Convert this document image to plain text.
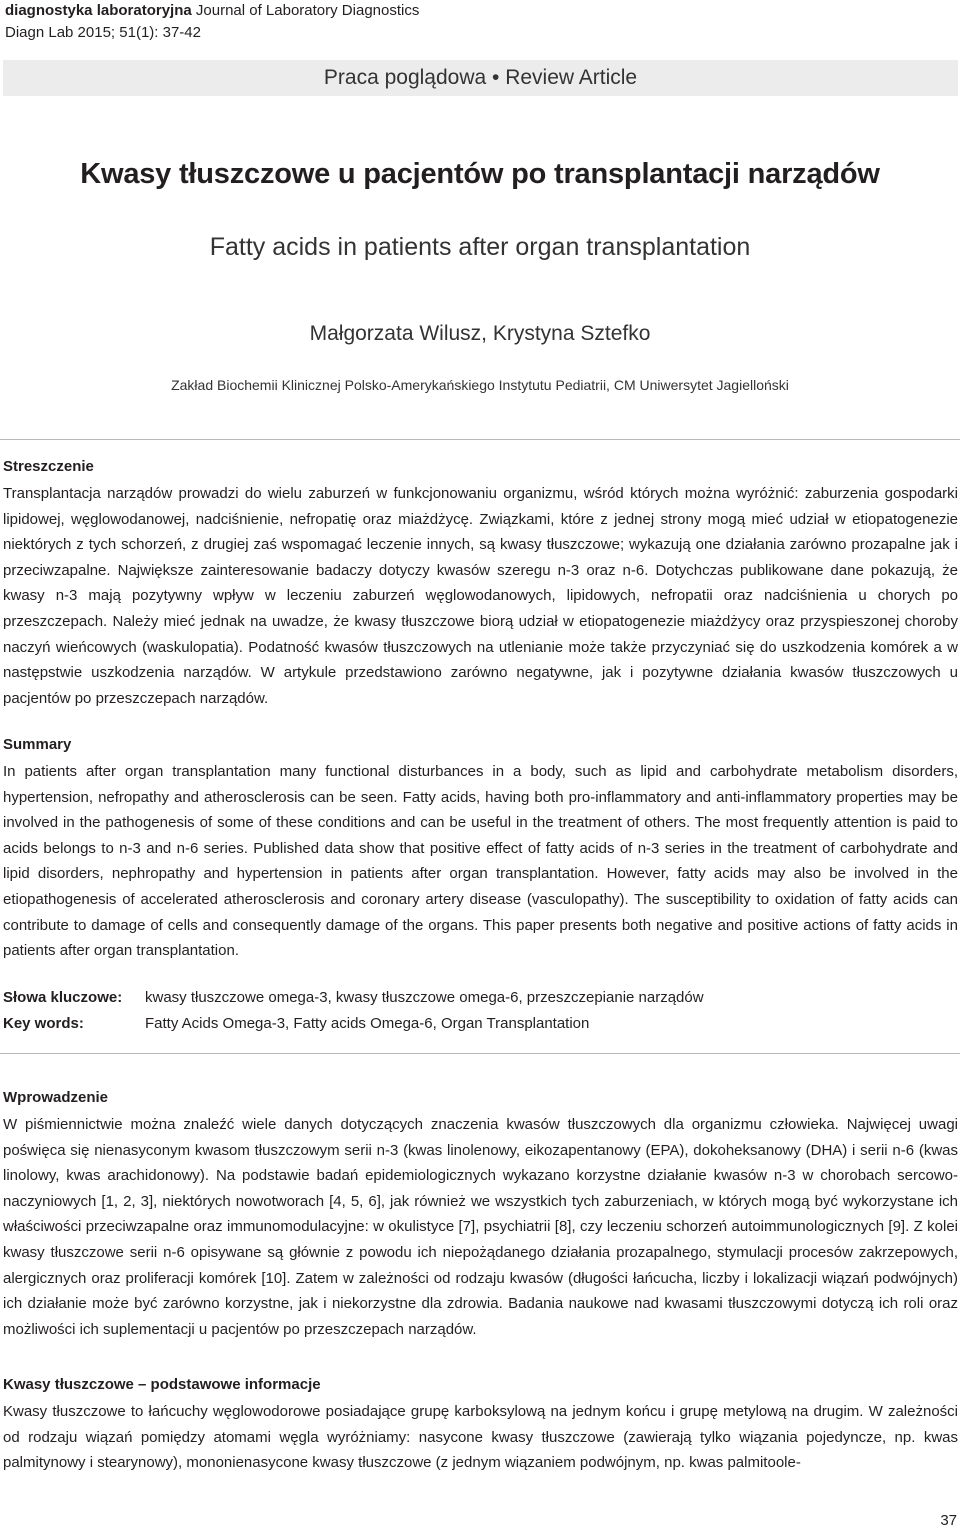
diagnostyka laboratoryjna Journal of Laboratory Diagnostics
Diagn Lab 2015; 51(1): 37-42
Praca poglądowa • Review Article
Kwasy tłuszczowe u pacjentów po transplantacji narządów
Fatty acids in patients after organ transplantation
Małgorzata Wilusz, Krystyna Sztefko
Zakład Biochemii Klinicznej Polsko-Amerykańskiego Instytutu Pediatrii, CM Uniwersytet Jagielloński
Streszczenie

Transplantacja narządów prowadzi do wielu zaburzeń w funkcjonowaniu organizmu, wśród których można wyróżnić: zaburzenia gospodarki lipidowej, węglowodanowej, nadciśnienie, nefropatię oraz miażdżycę. Związkami, które z jednej strony mogą mieć udział w etiopatogenezie niektórych z tych schorzeń, z drugiej zaś wspomagać leczenie innych, są kwasy tłuszczowe; wykazują one działania zarówno prozapalne jak i przeciwzapalne. Największe zainteresowanie badaczy dotyczy kwasów szeregu n-3 oraz n-6. Dotychczas publikowane dane pokazują, że kwasy n-3 mają pozytywny wpływ w leczeniu zaburzeń węglowodanowych, lipidowych, nefropatii oraz nadciśnienia u chorych po przeszczepach. Należy mieć jednak na uwadze, że kwasy tłuszczowe biorą udział w etiopatogenezie miażdżycy oraz przyspieszonej choroby naczyń wieńcowych (waskulopatia). Podatność kwasów tłuszczowych na utlenianie może także przyczyniać się do uszkodzenia komórek a w następstwie uszkodzenia narządów. W artykule przedstawiono zarówno negatywne, jak i pozytywne działania kwasów tłuszczowych u pacjentów po przeszczepach narządów.

Summary

In patients after organ transplantation many functional disturbances in a body, such as lipid and carbohydrate metabolism disorders, hypertension, nefropathy and atherosclerosis can be seen. Fatty acids, having both pro-inflammatory and anti-inflammatory properties may be involved in the pathogenesis of some of these conditions and can be useful in the treatment of others. The most frequently attention is paid to acids belongs to n-3 and n-6 series. Published data show that positive effect of fatty acids of n-3 series in the treatment of carbohydrate and lipid disorders, nephropathy and hypertension in patients after organ transplantation. However, fatty acids may also be involved in the etiopathogenesis of accelerated atherosclerosis and coronary artery disease (vasculopathy). The susceptibility to oxidation of fatty acids can contribute to damage of cells and consequently damage of the organs. This paper presents both negative and positive actions of fatty acids in patients after organ transplantation.

Słowa kluczowe:	kwasy tłuszczowe omega-3, kwasy tłuszczowe omega-6, przeszczepianie narządów
Key words:	Fatty Acids Omega-3, Fatty acids Omega-6, Organ Transplantation
Wprowadzenie

W piśmiennictwie można znaleźć wiele danych dotyczących znaczenia kwasów tłuszczowych dla organizmu człowieka. Najwięcej uwagi poświęca się nienasyconym kwasom tłuszczowym serii n-3 (kwas linolenowy, eikozapentanowy (EPA), dokoheksanowy (DHA) i serii n-6 (kwas linolowy, kwas arachidonowy). Na podstawie badań epidemiologicznych wykazano korzystne działanie kwasów n-3 w chorobach sercowo-naczyniowych [1, 2, 3], niektórych nowotworach [4, 5, 6], jak również we wszystkich tych zaburzeniach, w których mogą być wykorzystane ich właściwości przeciwzapalne oraz immunomodulacyjne: w okulistyce [7], psychiatrii [8], czy leczeniu schorzeń autoimmunologicznych [9]. Z kolei kwasy tłuszczowe serii n-6 opisywane są głównie z powodu ich niepożądanego działania prozapalnego, stymulacji procesów zakrzepowych, alergicznych oraz proliferacji komórek [10]. Zatem w zależności od rodzaju kwasów (długości łańcucha, liczby i lokalizacji wiązań podwójnych) ich działanie może być zarówno korzystne, jak i niekorzystne dla zdrowia. Badania naukowe nad kwasami tłuszczowymi dotyczą ich roli oraz możliwości ich suplementacji u pacjentów po przeszczepach narządów.

Kwasy tłuszczowe – podstawowe informacje

Kwasy tłuszczowe to łańcuchy węglowodorowe posiadające grupę karboksylową na jednym końcu i grupę metylową na drugim. W zależności od rodzaju wiązań pomiędzy atomami węgla wyróżniamy: nasycone kwasy tłuszczowe (zawierają tylko wiązania pojedyncze, np. kwas palmitynowy i stearynowy), mononienasycone kwasy tłuszczowe (z jednym wiązaniem podwójnym, np. kwas palmitoole-

37
